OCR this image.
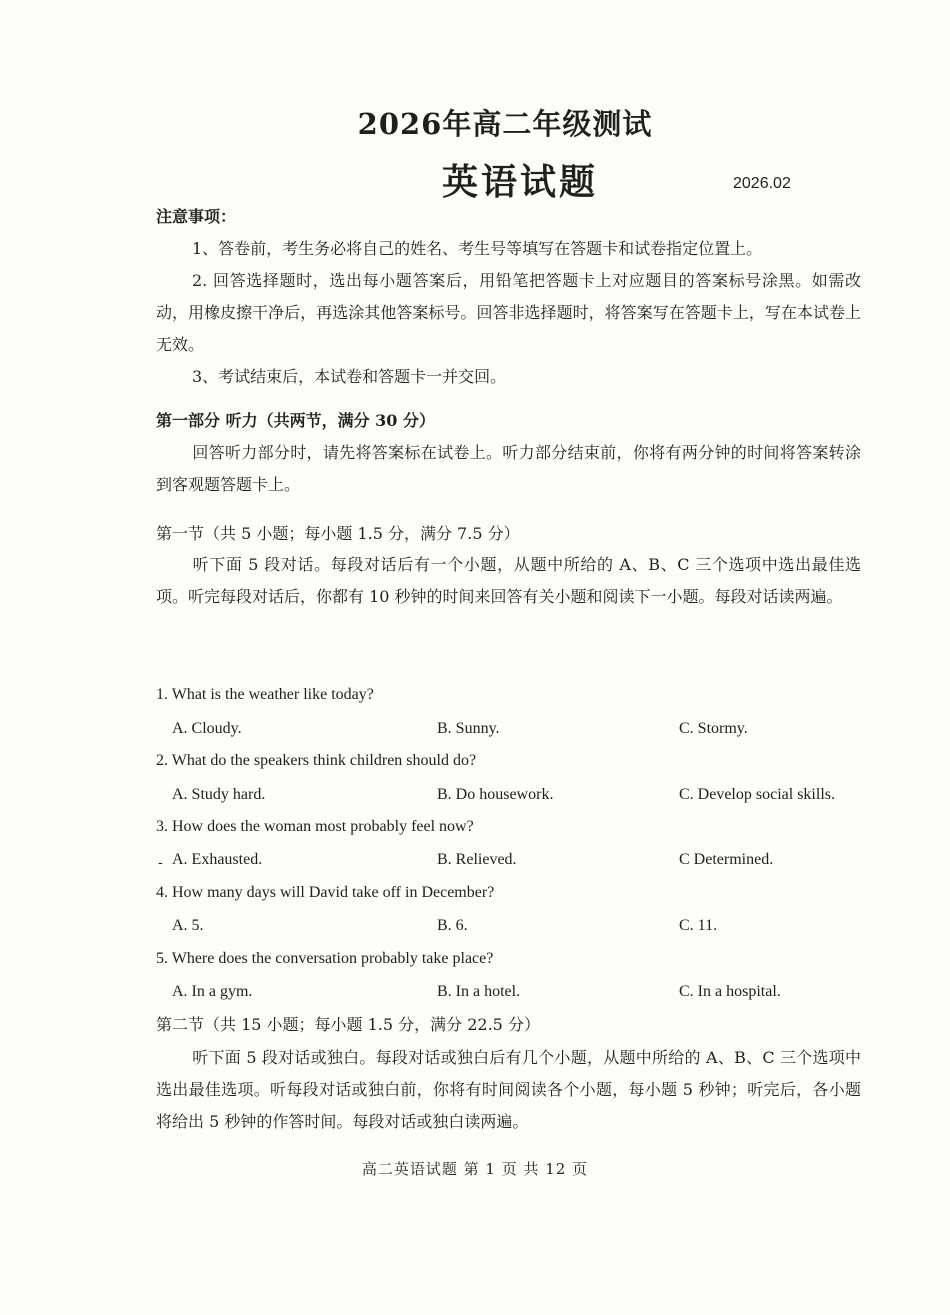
2026年高二年级测试
英语试题	2026.02
注意事项：
1、答卷前，考生务必将自己的姓名、考生号等填写在答题卡和试卷指定位置上。
2. 回答选择题时，选出每小题答案后，用铅笔把答题卡上对应题目的答案标号涂黑。如需改动，用橡皮擦干净后，再选涂其他答案标号。回答非选择题时，将答案写在答题卡上，写在本试卷上无效。
3、考试结束后，本试卷和答题卡一并交回。
第一部分 听力（共两节，满分 30 分）
回答听力部分时，请先将答案标在试卷上。听力部分结束前，你将有两分钟的时间将答案转涂到客观题答题卡上。
第一节（共 5 小题；每小题 1.5 分，满分 7.5 分）
听下面 5 段对话。每段对话后有一个小题，从题中所给的 A、B、C 三个选项中选出最佳选项。听完每段对话后，你都有 10 秒钟的时间来回答有关小题和阅读下一小题。每段对话读两遍。
1. What is the weather like today?
A. Cloudy.	B. Sunny.	C. Stormy.
2. What do the speakers think children should do?
A. Study hard.	B. Do housework.	C. Develop social skills.
3. How does the woman most probably feel now?
- A. Exhausted.	B. Relieved.	C Determined.
4. How many days will David take off in December?
A. 5.	B. 6.	C. 11.
5. Where does the conversation probably take place?
A. In a gym.	B. In a hotel.	C. In a hospital.
第二节（共 15 小题；每小题 1.5 分，满分 22.5 分）
听下面 5 段对话或独白。每段对话或独白后有几个小题，从题中所给的 A、B、C 三个选项中选出最佳选项。听每段对话或独白前，你将有时间阅读各个小题，每小题 5 秒钟；听完后，各小题将给出 5 秒钟的作答时间。每段对话或独白读两遍。
高二英语试题 第 1 页 共 12 页
